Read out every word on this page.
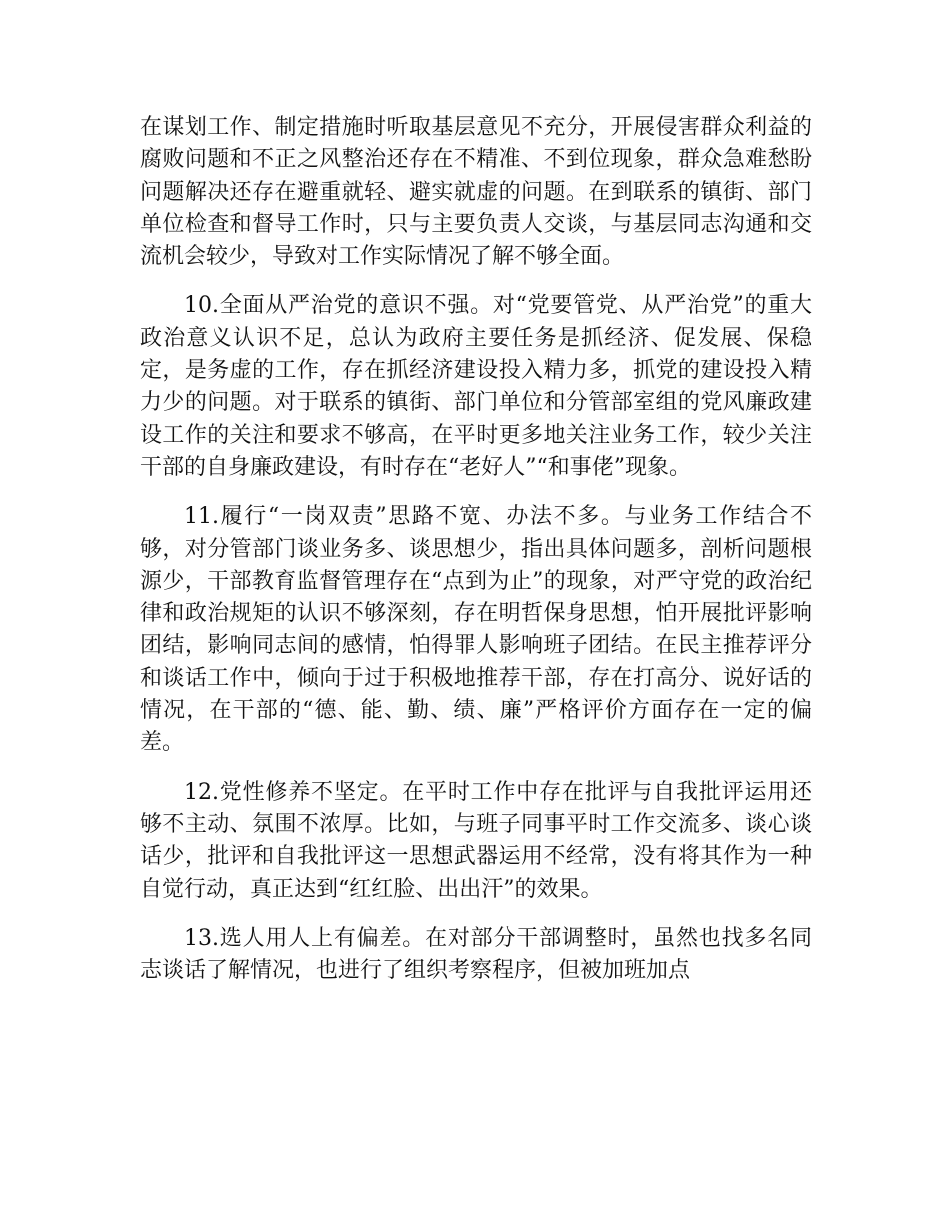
在谋划工作、制定措施时听取基层意见不充分，开展侵害群众利益的腐败问题和不正之风整治还存在不精准、不到位现象，群众急难愁盼问题解决还存在避重就轻、避实就虚的问题。在到联系的镇街、部门单位检查和督导工作时，只与主要负责人交谈，与基层同志沟通和交流机会较少，导致对工作实际情况了解不够全面。

10.全面从严治党的意识不强。对“党要管党、从严治党”的重大政治意义认识不足，总认为政府主要任务是抓经济、促发展、保稳定，是务虚的工作，存在抓经济建设投入精力多，抓党的建设投入精力少的问题。对于联系的镇街、部门单位和分管部室组的党风廉政建设工作的关注和要求不够高，在平时更多地关注业务工作，较少关注干部的自身廉政建设，有时存在“老好人”“和事佬”现象。

11.履行“一岗双责”思路不宽、办法不多。与业务工作结合不够，对分管部门谈业务多、谈思想少，指出具体问题多，剖析问题根源少，干部教育监督管理存在“点到为止”的现象，对严守党的政治纪律和政治规矩的认识不够深刻，存在明哲保身思想，怕开展批评影响团结，影响同志间的感情，怕得罪人影响班子团结。在民主推荐评分和谈话工作中，倾向于过于积极地推荐干部，存在打高分、说好话的情况，在干部的“德、能、勤、绩、廉”严格评价方面存在一定的偏差。

12.党性修养不坚定。在平时工作中存在批评与自我批评运用还够不主动、氛围不浓厚。比如，与班子同事平时工作交流多、谈心谈话少，批评和自我批评这一思想武器运用不经常，没有将其作为一种自觉行动，真正达到“红红脸、出出汗”的效果。

13.选人用人上有偏差。在对部分干部调整时，虽然也找多名同志谈话了解情况，也进行了组织考察程序，但被加班加点
